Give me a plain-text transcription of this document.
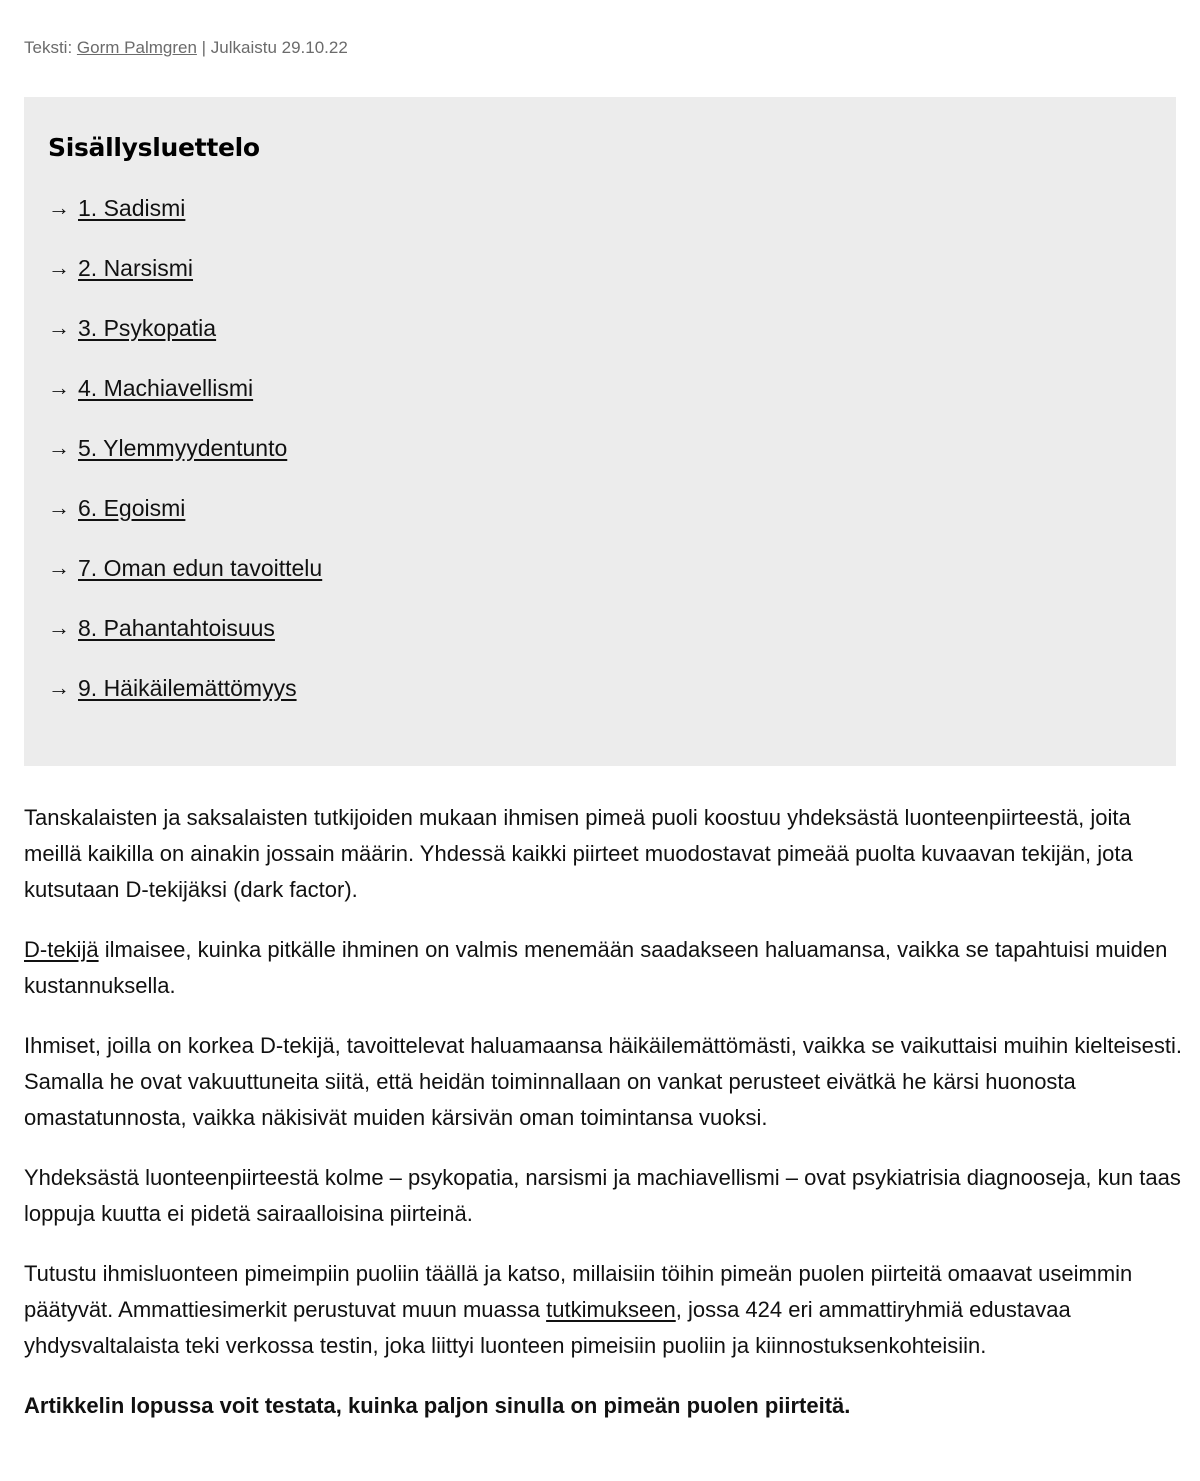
Teksti: Gorm Palmgren | Julkaistu 29.10.22
Sisällysluettelo
→ 1. Sadismi
→ 2. Narsismi
→ 3. Psykopatia
→ 4. Machiavellismi
→ 5. Ylemmyydentunto
→ 6. Egoismi
→ 7. Oman edun tavoittelu
→ 8. Pahantahtoisuus
→ 9. Häikäilemättömyys

Tanskalaisten ja saksalaisten tutkijoiden mukaan ihmisen pimeä puoli koostuu yhdeksästä luonteenpiirteestä, joita meillä kaikilla on ainakin jossain määrin. Yhdessä kaikki piirteet muodostavat pimeää puolta kuvaavan tekijän, jota kutsutaan D-tekijäksi (dark factor).

D-tekijä ilmaisee, kuinka pitkälle ihminen on valmis menemään saadakseen haluamansa, vaikka se tapahtuisi muiden kustannuksella.

Ihmiset, joilla on korkea D-tekijä, tavoittelevat haluamaansa häikäilemättömästi, vaikka se vaikuttaisi muihin kielteisesti. Samalla he ovat vakuuttuneita siitä, että heidän toiminnallaan on vankat perusteet eivätkä he kärsi huonosta omastatunnosta, vaikka näkisivät muiden kärsivän oman toimintansa vuoksi.

Yhdeksästä luonteenpiirteestä kolme – psykopatia, narsismi ja machiavellismi – ovat psykiatrisia diagnooseja, kun taas loppuja kuutta ei pidetä sairaalloisina piirteinä.

Tutustu ihmisluonteen pimeimpiin puoliin täällä ja katso, millaisiin töihin pimeän puolen piirteitä omaavat useimmin päätyvät. Ammattiesimerkit perustuvat muun muassa tutkimukseen, jossa 424 eri ammattiryhmiä edustavaa yhdysvaltalaista teki verkossa testin, joka liittyi luonteen pimeisiin puoliin ja kiinnostuksenkohteisiin.

Artikkelin lopussa voit testata, kuinka paljon sinulla on pimeän puolen piirteitä.
